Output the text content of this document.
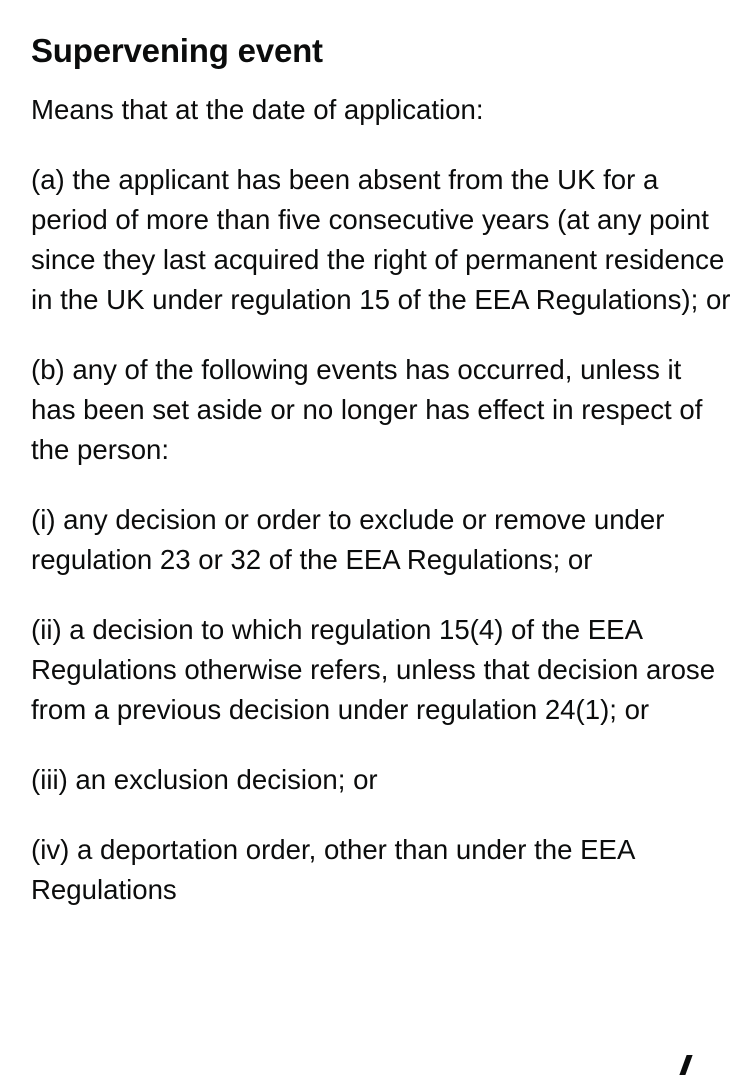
Supervening event

Means that at the date of application:

(a) the applicant has been absent from the UK for a period of more than five consecutive years (at any point since they last acquired the right of permanent residence in the UK under regulation 15 of the EEA Regulations); or

(b) any of the following events has occurred, unless it has been set aside or no longer has effect in respect of the person:

(i) any decision or order to exclude or remove under regulation 23 or 32 of the EEA Regulations; or

(ii) a decision to which regulation 15(4) of the EEA Regulations otherwise refers, unless that decision arose from a previous decision under regulation 24(1); or

(iii) an exclusion decision; or

(iv) a deportation order, other than under the EEA Regulations
